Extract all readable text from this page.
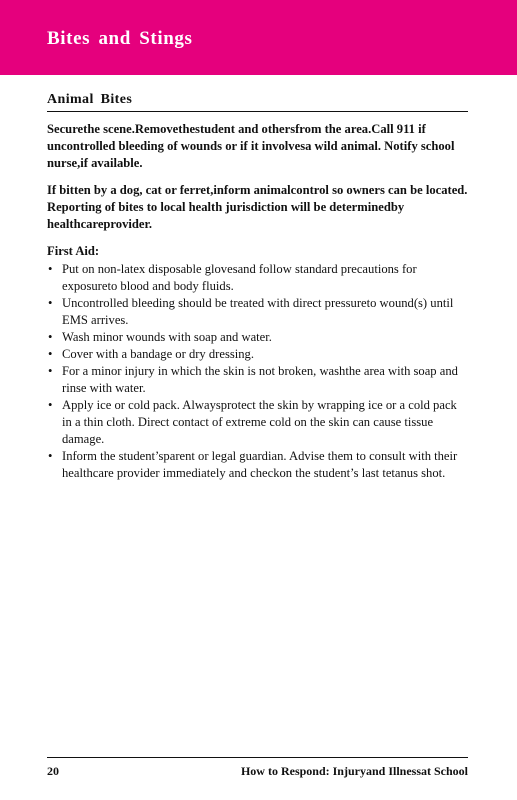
Bites and Stings
Animal Bites

Securethe scene.Removethestudent and othersfrom the area.Call 911 if uncontrolled bleeding of wounds or if it involvesa wild animal. Notify school nurse,if available.

If bitten by a dog, cat or ferret,inform animalcontrol so owners can be located. Reporting of bites to local health jurisdiction will be determinedby healthcareprovider.

First Aid:
• Put on non-latex disposable glovesand follow standard precautions for exposureto blood and body fluids.
• Uncontrolled bleeding should be treated with direct pressureto wound(s) until EMS arrives.
• Wash minor wounds with soap and water.
• Cover with a bandage or dry dressing.
• For a minor injury in which the skin is not broken, washthe area with soap and rinse with water.
• Apply ice or cold pack. Alwaysprotect the skin by wrapping ice or a cold pack in a thin cloth. Direct contact of extreme cold on the skin can cause tissue damage.
• Inform the student’sparent or legal guardian. Advise them to consult with their healthcare provider immediately and checkon the student’s last tetanus shot.
20	How to Respond: Injuryand Illnessat School
